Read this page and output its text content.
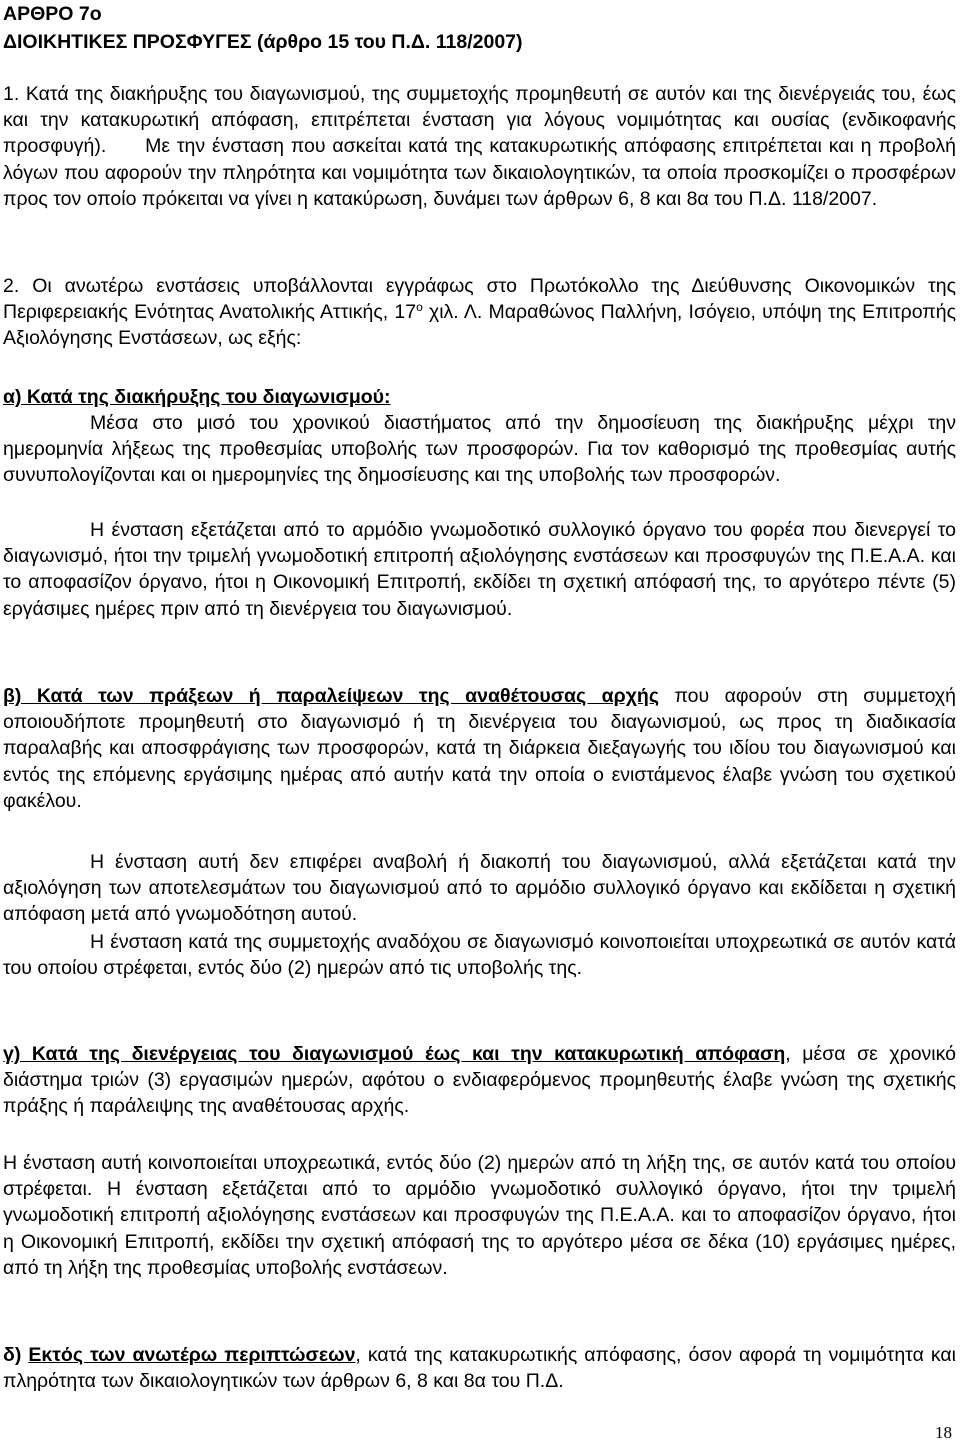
ΑΡΘΡΟ 7ο
ΔΙΟΙΚΗΤΙΚΕΣ ΠΡΟΣΦΥΓΕΣ (άρθρο 15 του Π.Δ. 118/2007)
1. Κατά της διακήρυξης του διαγωνισμού, της συμμετοχής προμηθευτή σε αυτόν και της διενέργειάς του, έως και την κατακυρωτική απόφαση, επιτρέπεται ένσταση για λόγους νομιμότητας και ουσίας (ενδικοφανής προσφυγή). Με την ένσταση που ασκείται κατά της κατακυρωτικής απόφασης επιτρέπεται και η προβολή λόγων που αφορούν την πληρότητα και νομιμότητα των δικαιολογητικών, τα οποία προσκομίζει ο προσφέρων προς τον οποίο πρόκειται να γίνει η κατακύρωση, δυνάμει των άρθρων 6, 8 και 8α του Π.Δ. 118/2007.
2. Οι ανωτέρω ενστάσεις υποβάλλονται εγγράφως στο Πρωτόκολλο της Διεύθυνσης Οικονομικών της Περιφερειακής Ενότητας Ανατολικής Αττικής, $17^o$ χιλ. Λ. Μαραθώνος Παλλήνη, Ισόγειο, υπόψη της Επιτροπής Αξιολόγησης Ενστάσεων, ως εξής:
α) Κατά της διακήρυξης του διαγωνισμού:
Μέσα στο μισό του χρονικού διαστήματος από την δημοσίευση της διακήρυξης μέχρι την ημερομηνία λήξεως της προθεσμίας υποβολής των προσφορών. Για τον καθορισμό της προθεσμίας αυτής συνυπολογίζονται και οι ημερομηνίες της δημοσίευσης και της υποβολής των προσφορών.
Η ένσταση εξετάζεται από το αρμόδιο γνωμοδοτικό συλλογικό όργανο του φορέα που διενεργεί το διαγωνισμό, ήτοι την τριμελή γνωμοδοτική επιτροπή αξιολόγησης ενστάσεων και προσφυγών της Π.Ε.Α.Α. και το αποφασίζον όργανο, ήτοι η Οικονομική Επιτροπή, εκδίδει τη σχετική απόφασή της, το αργότερο πέντε (5) εργάσιμες ημέρες πριν από τη διενέργεια του διαγωνισμού.
β) Κατά των πράξεων ή παραλείψεων της αναθέτουσας αρχής που αφορούν στη συμμετοχή οποιουδήποτε προμηθευτή στο διαγωνισμό ή τη διενέργεια του διαγωνισμού, ως προς τη διαδικασία παραλαβής και αποσφράγισης των προσφορών, κατά τη διάρκεια διεξαγωγής του ιδίου του διαγωνισμού και εντός της επόμενης εργάσιμης ημέρας από αυτήν κατά την οποία ο ενιστάμενος έλαβε γνώση του σχετικού φακέλου.
Η ένσταση αυτή δεν επιφέρει αναβολή ή διακοπή του διαγωνισμού, αλλά εξετάζεται κατά την αξιολόγηση των αποτελεσμάτων του διαγωνισμού από το αρμόδιο συλλογικό όργανο και εκδίδεται η σχετική απόφαση μετά από γνωμοδότηση αυτού.
Η ένσταση κατά της συμμετοχής αναδόχου σε διαγωνισμό κοινοποιείται υποχρεωτικά σε αυτόν κατά του οποίου στρέφεται, εντός δύο (2) ημερών από τις υποβολής της.
γ) Κατά της διενέργειας του διαγωνισμού έως και την κατακυρωτική απόφαση, μέσα σε χρονικό διάστημα τριών (3) εργασιμών ημερών, αφότου ο ενδιαφερόμενος προμηθευτής έλαβε γνώση της σχετικής πράξης ή παράλειψης της αναθέτουσας αρχής.
Η ένσταση αυτή κοινοποιείται υποχρεωτικά, εντός δύο (2) ημερών από τη λήξη της, σε αυτόν κατά του οποίου στρέφεται. Η ένσταση εξετάζεται από το αρμόδιο γνωμοδοτικό συλλογικό όργανο, ήτοι την τριμελή γνωμοδοτική επιτροπή αξιολόγησης ενστάσεων και προσφυγών της Π.Ε.Α.Α. και το αποφασίζον όργανο, ήτοι η Οικονομική Επιτροπή, εκδίδει την σχετική απόφασή της το αργότερο μέσα σε δέκα (10) εργάσιμες ημέρες, από τη λήξη της προθεσμίας υποβολής ενστάσεων.
δ) Εκτός των ανωτέρω περιπτώσεων, κατά της κατακυρωτικής απόφασης, όσον αφορά τη νομιμότητα και πληρότητα των δικαιολογητικών των άρθρων 6, 8 και 8α του Π.Δ.
18
